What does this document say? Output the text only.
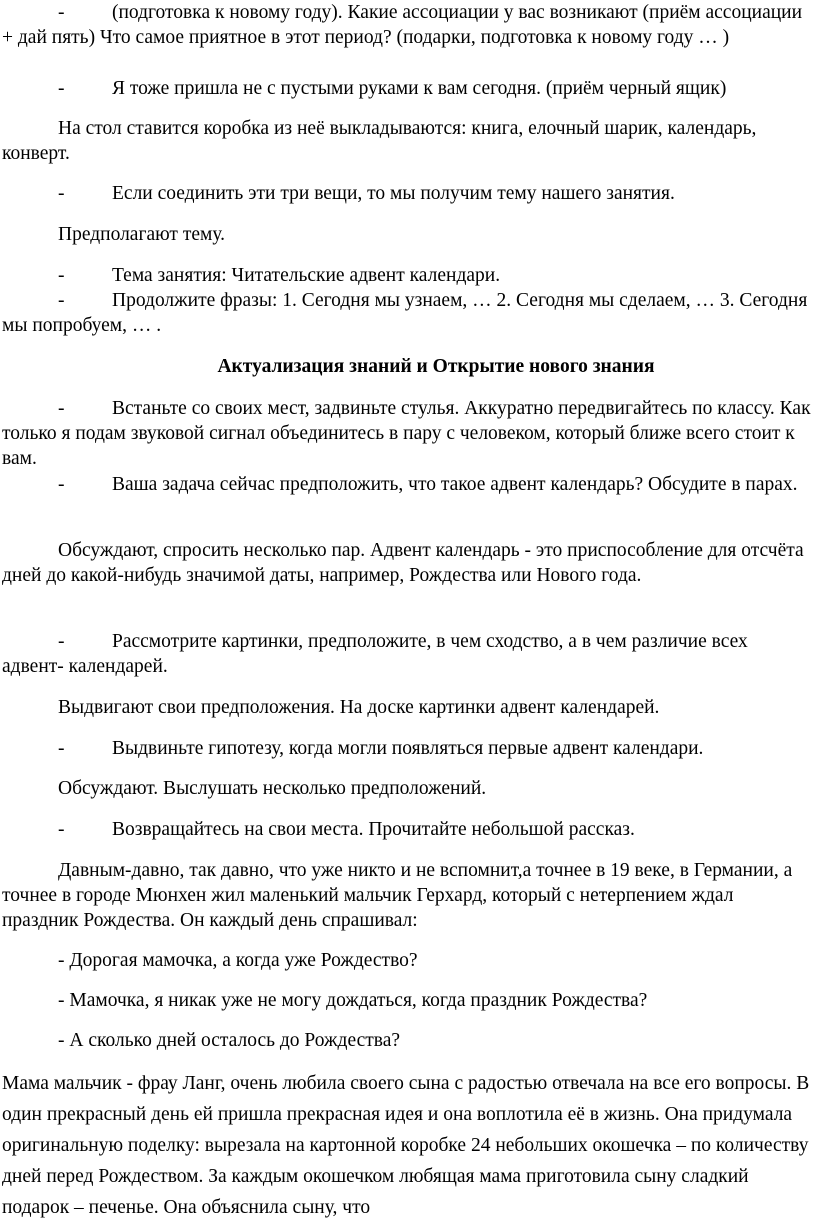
-	(подготовка к новому году). Какие ассоциации у вас возникают (приём ассоциации + дай пять) Что самое приятное в этот период? (подарки, подготовка к новому году … )

-	Я тоже пришла не с пустыми руками к вам сегодня. (приём черный ящик)

На стол ставится коробка из неё выкладываются: книга, елочный шарик, календарь, конверт.

-	Если соединить эти три вещи, то мы получим тему нашего занятия.

Предполагают тему.

-	Тема занятия: Читательские адвент календари.

-	Продолжите фразы: 1. Сегодня мы узнаем, … 2. Сегодня мы сделаем, … 3. Сегодня мы попробуем, … .

Актуализация знаний и Открытие нового знания

-	Встаньте со своих мест, задвиньте стулья. Аккуратно передвигайтесь по классу. Как только я подам звуковой сигнал объединитесь в пару с человеком, который ближе всего стоит к вам.

-	Ваша задача сейчас предположить, что такое адвент календарь? Обсудите в парах.

Обсуждают, спросить несколько пар. Адвент календарь - это приспособление для отсчёта дней до какой-нибудь значимой даты, например, Рождества или Нового года.

-	Рассмотрите картинки, предположите, в чем сходство, а в чем различие всех адвент- календарей.

Выдвигают свои предположения. На доске картинки адвент календарей.

-	Выдвиньте гипотезу, когда могли появляться первые адвент календари.

Обсуждают. Выслушать несколько предположений.

-	Возвращайтесь на свои места. Прочитайте небольшой рассказ.

Давным-давно, так давно, что уже никто и не вспомнит,а точнее в 19 веке, в Германии, а точнее в городе Мюнхен жил маленький мальчик Герхард, который с нетерпением ждал праздник Рождества. Он каждый день спрашивал:

- Дорогая мамочка, а когда уже Рождество?

- Мамочка, я никак уже не могу дождаться, когда праздник Рождества?

- А сколько дней осталось до Рождества?

Мама мальчик - фрау Ланг, очень любила своего сына с радостью отвечала на все его вопросы. В один прекрасный день ей пришла прекрасная идея и она воплотила её в жизнь. Она придумала оригинальную поделку: вырезала на картонной коробке 24 небольших окошечка – по количеству дней перед Рождеством. За каждым окошечком любящая мама приготовила сыну сладкий подарок – печенье. Она объяснила сыну, что
